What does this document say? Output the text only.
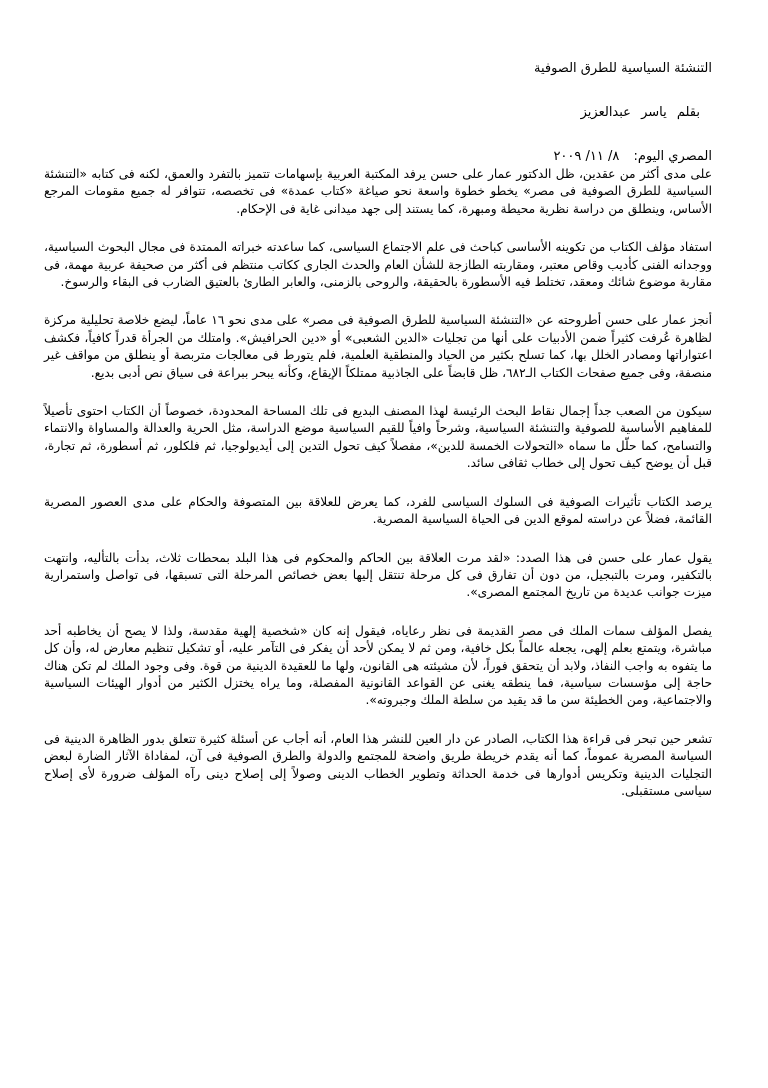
التنشئة السياسية للطرق الصوفية
بقلم ياسر عبدالعزيز
المصري اليوم: ٨/ ١١/ ٢٠٠٩

على مدى أكثر من عقدين، ظل الدكتور عمار على حسن يرفد المكتبة العربية بإسهامات تتميز بالتفرد والعمق، لكنه فى كتابه «التنشئة السياسية للطرق الصوفية فى مصر» يخطو خطوة واسعة نحو صياغة «كتاب عمدة» فى تخصصه، تتوافر له جميع مقومات المرجع الأساس، وينطلق من دراسة نظرية محيطة ومبهرة، كما يستند إلى جهد ميدانى غاية فى الإحكام.

استفاد مؤلف الكتاب من تكوينه الأساسى كباحث فى علم الاجتماع السياسى، كما ساعدته خبراته الممتدة فى مجال البحوث السياسية، ووجدانه الفنى كأديب وقاص معتبر، ومقاربته الطازجة للشأن العام والحدث الجارى ككاتب منتظم فى أكثر من صحيفة عربية مهمة، فى مقاربة موضوع شائك ومعقد، تختلط فيه الأسطورة بالحقيقة، والروحى بالزمنى، والعابر الطارئ بالعتيق الضارب فى البقاء والرسوخ.

أنجز عمار على حسن أطروحته عن «التنشئة السياسية للطرق الصوفية فى مصر» على مدى نحو ١٦ عاماً، ليضع خلاصة تحليلية مركزة لظاهرة عُرفت كثيراً ضمن الأدبيات على أنها من تجليات «الدين الشعبى» أو «دين الحرافيش». وامتلك من الجرأة قدراً كافياً، فكشف اعتواراتها ومصادر الخلل بها، كما تسلح بكثير من الحياد والمنطقية العلمية، فلم يتورط فى معالجات متربصة أو ينطلق من مواقف غير منصفة، وفى جميع صفحات الكتاب الـ٦٨٢، ظل قابضاً على الجاذبية ممتلكاً الإيقاع، وكأنه يبحر ببراعة فى سياق نص أدبى بديع.

سيكون من الصعب جداً إجمال نقاط البحث الرئيسة لهذا المصنف البديع فى تلك المساحة المحدودة، خصوصاً أن الكتاب احتوى تأصيلاً للمفاهيم الأساسية للصوفية والتنشئة السياسية، وشرحاً وافياً للقيم السياسية موضع الدراسة، مثل الحرية والعدالة والمساواة والانتماء والتسامح، كما حلّل ما سماه «التحولات الخمسة للدين»، مفصلاً كيف تحول التدين إلى أيديولوجيا، ثم فلكلور، ثم أسطورة، ثم تجارة، قبل أن يوضح كيف تحول إلى خطاب ثقافى سائد.

يرصد الكتاب تأثيرات الصوفية فى السلوك السياسى للفرد، كما يعرض للعلاقة بين المتصوفة والحكام على مدى العصور المصرية القائمة، فضلاً عن دراسته لموقع الدين فى الحياة السياسية المصرية.

يقول عمار على حسن فى هذا الصدد: «لقد مرت العلاقة بين الحاكم والمحكوم فى هذا البلد بمحطات ثلاث، بدأت بالتأليه، وانتهت بالتكفير، ومرت بالتبجيل، من دون أن تفارق فى كل مرحلة تنتقل إليها بعض خصائص المرحلة التى تسبقها، فى تواصل واستمرارية ميزت جوانب عديدة من تاريخ المجتمع المصرى».

يفصل المؤلف سمات الملك فى مصر القديمة فى نظر رعاياه، فيقول إنه كان «شخصية إلهية مقدسة، ولذا لا يصح أن يخاطبه أحد مباشرة، ويتمتع بعلم إلهى، يجعله عالماً بكل خافية، ومن ثم لا يمكن لأحد أن يفكر فى التآمر عليه، أو تشكيل تنظيم معارض له، وأن كل ما يتفوه به واجب النفاذ، ولابد أن يتحقق فوراً، لأن مشيئته هى القانون، ولها ما للعقيدة الدينية من قوة. وفى وجود الملك لم تكن هناك حاجة إلى مؤسسات سياسية، فما ينطقه يغنى عن القواعد القانونية المفصلة، وما يراه يختزل الكثير من أدوار الهيئات السياسية والاجتماعية، ومن الخطيئة سن ما قد يقيد من سلطة الملك وجبروته».

تشعر حين تبحر فى قراءة هذا الكتاب، الصادر عن دار العين للنشر هذا العام، أنه أجاب عن أسئلة كثيرة تتعلق بدور الظاهرة الدينية فى السياسة المصرية عموماً، كما أنه يقدم خريطة طريق واضحة للمجتمع والدولة والطرق الصوفية فى آن، لمفاداة الآثار الضارة لبعض التجليات الدينية وتكريس أدوارها فى خدمة الحداثة وتطوير الخطاب الدينى وصولاً إلى إصلاح دينى رآه المؤلف ضرورة لأى إصلاح سياسى مستقبلى.
